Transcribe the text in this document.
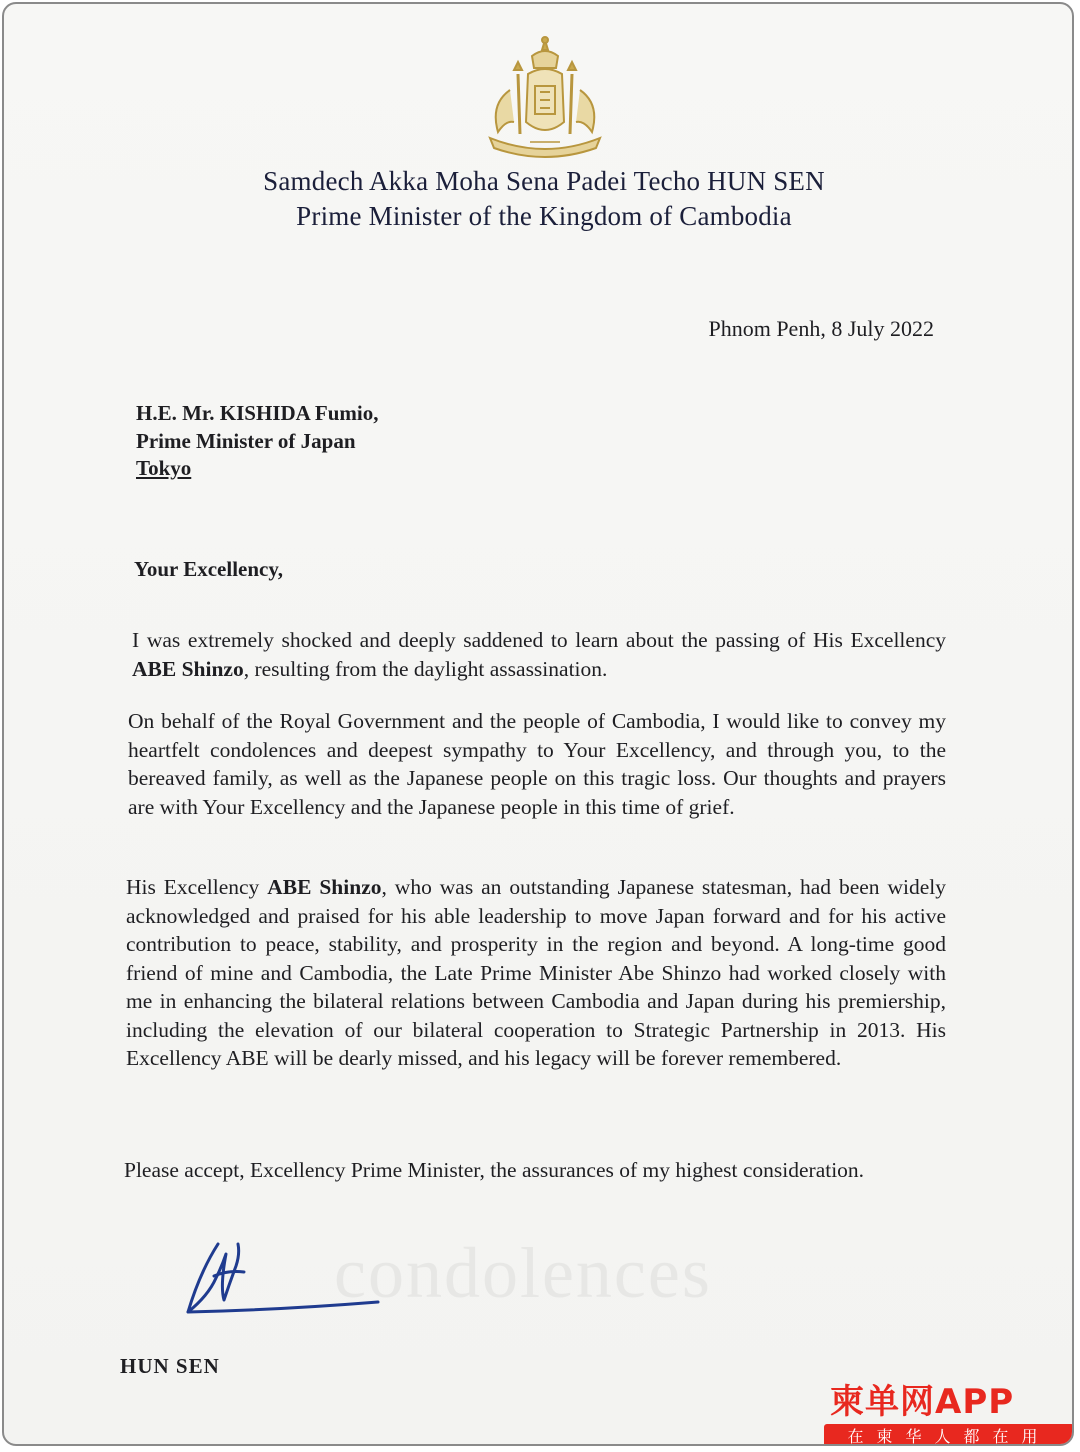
Samdech Akka Moha Sena Padei Techo HUN SEN
Prime Minister of the Kingdom of Cambodia
Phnom Penh, 8 July 2022
H.E. Mr. KISHIDA Fumio,
Prime Minister of Japan
Tokyo
Your Excellency,

I was extremely shocked and deeply saddened to learn about the passing of His Excellency ABE Shinzo, resulting from the daylight assassination.

On behalf of the Royal Government and the people of Cambodia, I would like to convey my heartfelt condolences and deepest sympathy to Your Excellency, and through you, to the bereaved family, as well as the Japanese people on this tragic loss. Our thoughts and prayers are with Your Excellency and the Japanese people in this time of grief.

His Excellency ABE Shinzo, who was an outstanding Japanese statesman, had been widely acknowledged and praised for his able leadership to move Japan forward and for his active contribution to peace, stability, and prosperity in the region and beyond. A long-time good friend of mine and Cambodia, the Late Prime Minister Abe Shinzo had worked closely with me in enhancing the bilateral relations between Cambodia and Japan during his premiership, including the elevation of our bilateral cooperation to Strategic Partnership in 2013. His Excellency ABE will be dearly missed, and his legacy will be forever remembered.

Please accept, Excellency Prime Minister, the assurances of my highest consideration.

condolences
HUN SEN
柬单网APP
在柬华人都在用
